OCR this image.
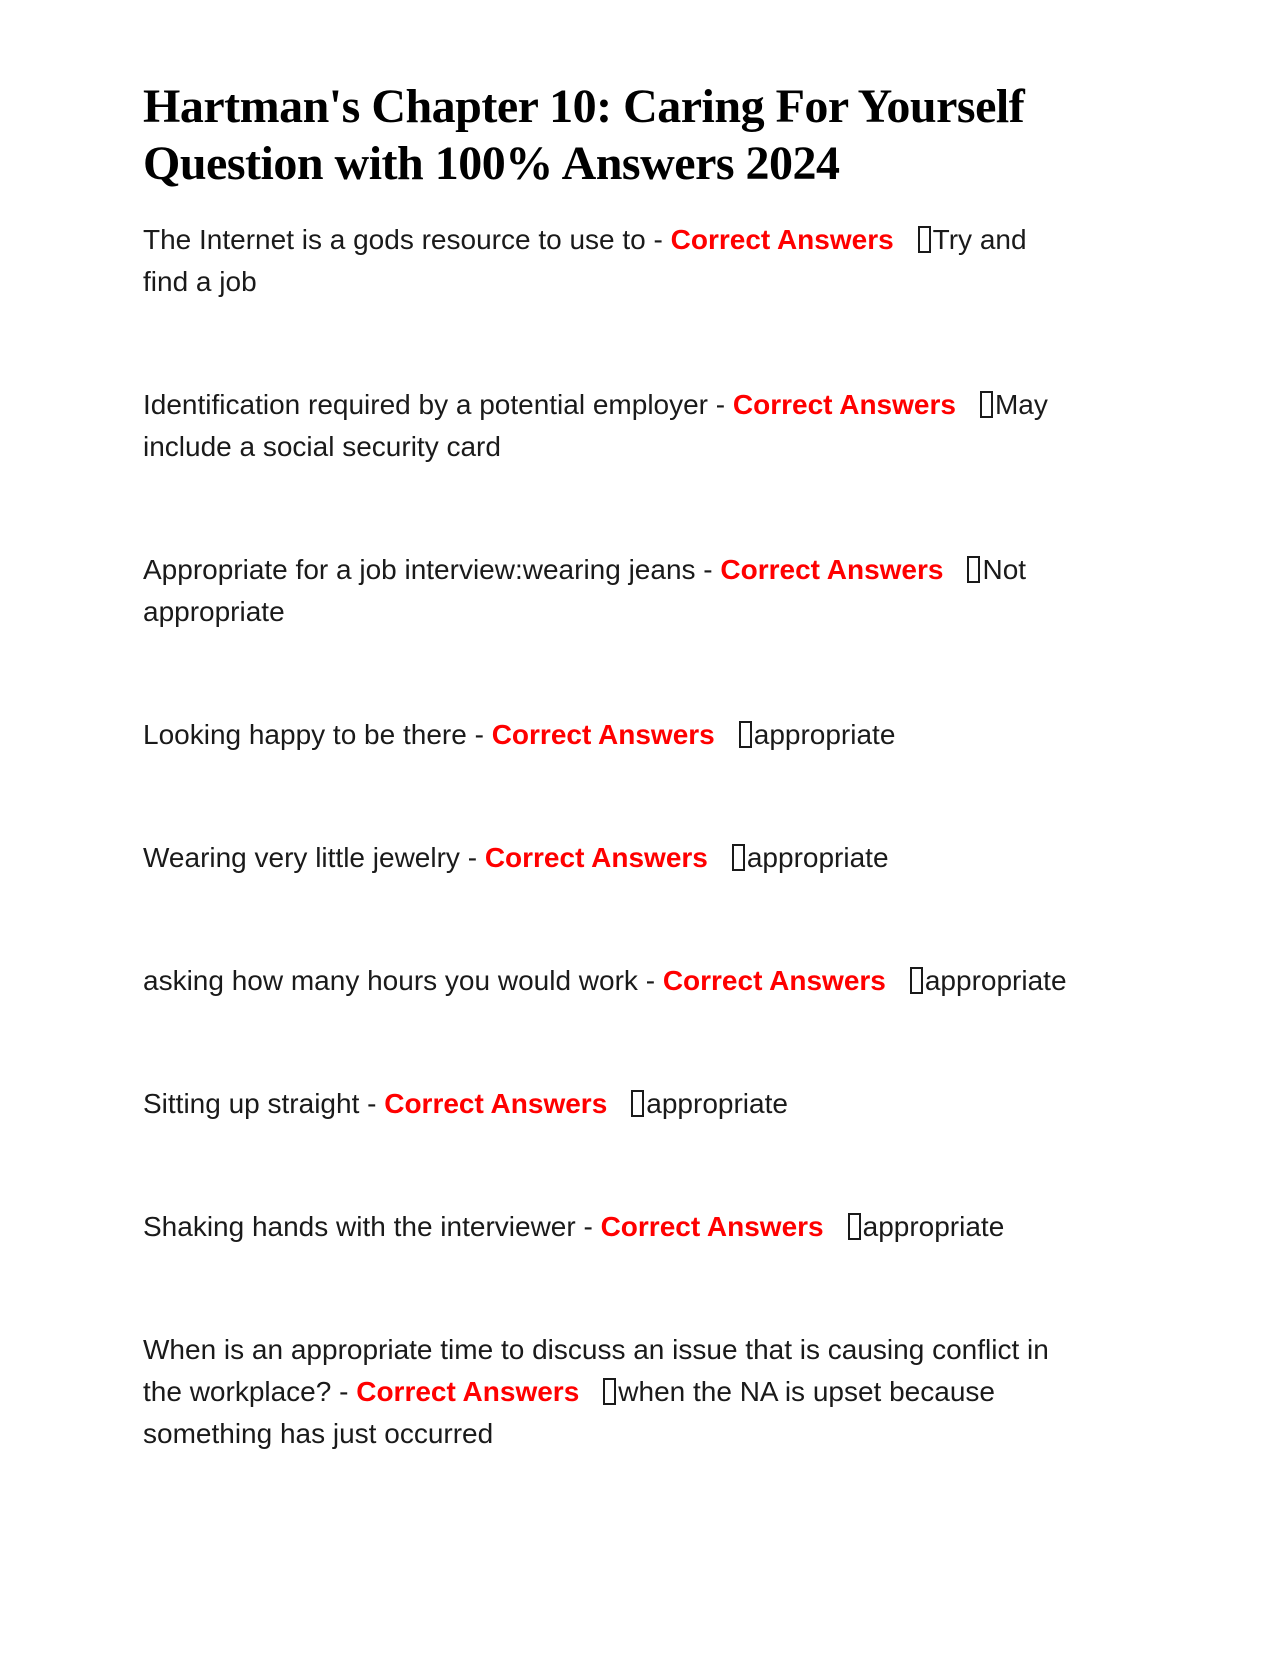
Hartman's Chapter 10: Caring For Yourself
Question with 100% Answers 2024

The Internet is a gods resource to use to - Correct Answers Try and find a job

Identification required by a potential employer - Correct Answers May include a social security card

Appropriate for a job interview:wearing jeans - Correct Answers Not appropriate

Looking happy to be there - Correct Answers appropriate

Wearing very little jewelry - Correct Answers appropriate

asking how many hours you would work - Correct Answers appropriate

Sitting up straight - Correct Answers appropriate

Shaking hands with the interviewer - Correct Answers appropriate

When is an appropriate time to discuss an issue that is causing conflict in the workplace? - Correct Answers when the NA is upset because something has just occurred
